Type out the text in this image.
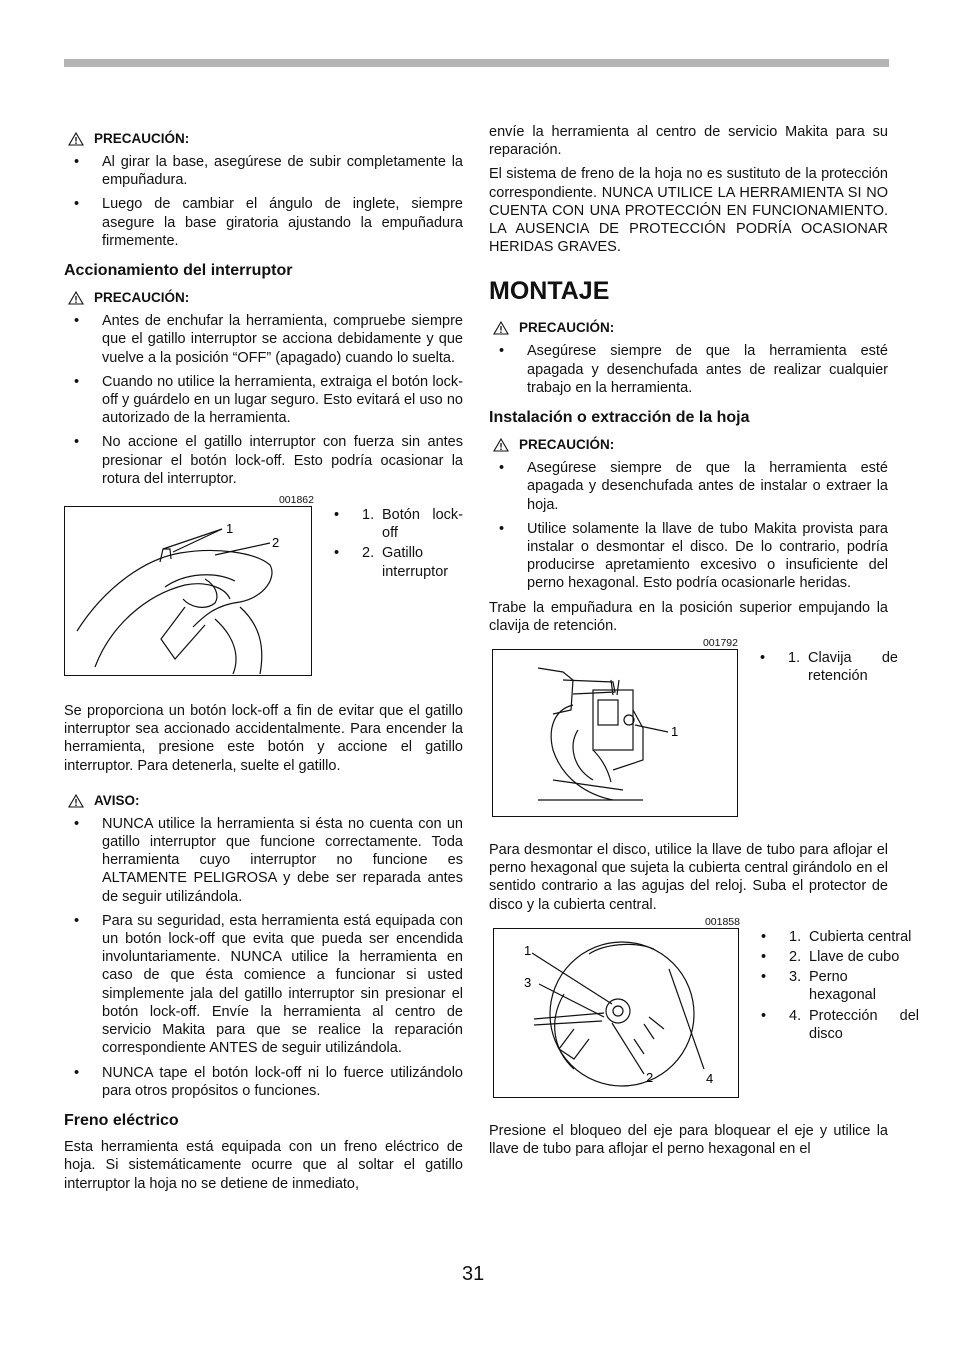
PRECAUCIÓN:
• Al girar la base, asegúrese de subir completamente la empuñadura.
• Luego de cambiar el ángulo de inglete, siempre asegure la base giratoria ajustando la empuñadura firmemente.
Accionamiento del interruptor
PRECAUCIÓN:
• Antes de enchufar la herramienta, compruebe siempre que el gatillo interruptor se acciona debidamente y que vuelve a la posición “OFF” (apagado) cuando lo suelta.
• Cuando no utilice la herramienta, extraiga el botón lock-off y guárdelo en un lugar seguro. Esto evitará el uso no autorizado de la herramienta.
• No accione el gatillo interruptor con fuerza sin antes presionar el botón lock-off. Esto podría ocasionar la rotura del interruptor.
001862
1
2
• 1. Botón lock-off
• 2. Gatillo interruptor

Se proporciona un botón lock-off a fin de evitar que el gatillo interruptor sea accionado accidentalmente. Para encender la herramienta, presione este botón y accione el gatillo interruptor. Para detenerla, suelte el gatillo.

AVISO:
• NUNCA utilice la herramienta si ésta no cuenta con un gatillo interruptor que funcione correctamente. Toda herramienta cuyo interruptor no funcione es ALTAMENTE PELIGROSA y debe ser reparada antes de seguir utilizándola.
• Para su seguridad, esta herramienta está equipada con un botón lock-off que evita que pueda ser encendida involuntariamente. NUNCA utilice la herramienta en caso de que ésta comience a funcionar si usted simplemente jala del gatillo interruptor sin presionar el botón lock-off. Envíe la herramienta al centro de servicio Makita para que se realice la reparación correspondiente ANTES de seguir utilizándola.
• NUNCA tape el botón lock-off ni lo fuerce utilizándolo para otros propósitos o funciones.
Freno eléctrico

Esta herramienta está equipada con un freno eléctrico de hoja. Si sistemáticamente ocurre que al soltar el gatillo interruptor la hoja no se detiene de inmediato,

envíe la herramienta al centro de servicio Makita para su reparación.

El sistema de freno de la hoja no es sustituto de la protección correspondiente. NUNCA UTILICE LA HERRAMIENTA SI NO CUENTA CON UNA PROTECCIÓN EN FUNCIONAMIENTO. LA AUSENCIA DE PROTECCIÓN PODRÍA OCASIONAR HERIDAS GRAVES.

MONTAJE
PRECAUCIÓN:
• Asegúrese siempre de que la herramienta esté apagada y desenchufada antes de realizar cualquier trabajo en la herramienta.
Instalación o extracción de la hoja
PRECAUCIÓN:
• Asegúrese siempre de que la herramienta esté apagada y desenchufada antes de instalar o extraer la hoja.
• Utilice solamente la llave de tubo Makita provista para instalar o desmontar el disco. De lo contrario, podría producirse apretamiento excesivo o insuficiente del perno hexagonal. Esto podría ocasionarle heridas.

Trabe la empuñadura en la posición superior empujando la clavija de retención.

001792
1
• 1. Clavija de retención

Para desmontar el disco, utilice la llave de tubo para aflojar el perno hexagonal que sujeta la cubierta central girándolo en el sentido contrario a las agujas del reloj. Suba el protector de disco y la cubierta central.

001858
1
3
2	4
• 1. Cubierta central
• 2. Llave de cubo
• 3. Perno hexagonal
• 4. Protección del disco

Presione el bloqueo del eje para bloquear el eje y utilice la llave de tubo para aflojar el perno hexagonal en el

31
